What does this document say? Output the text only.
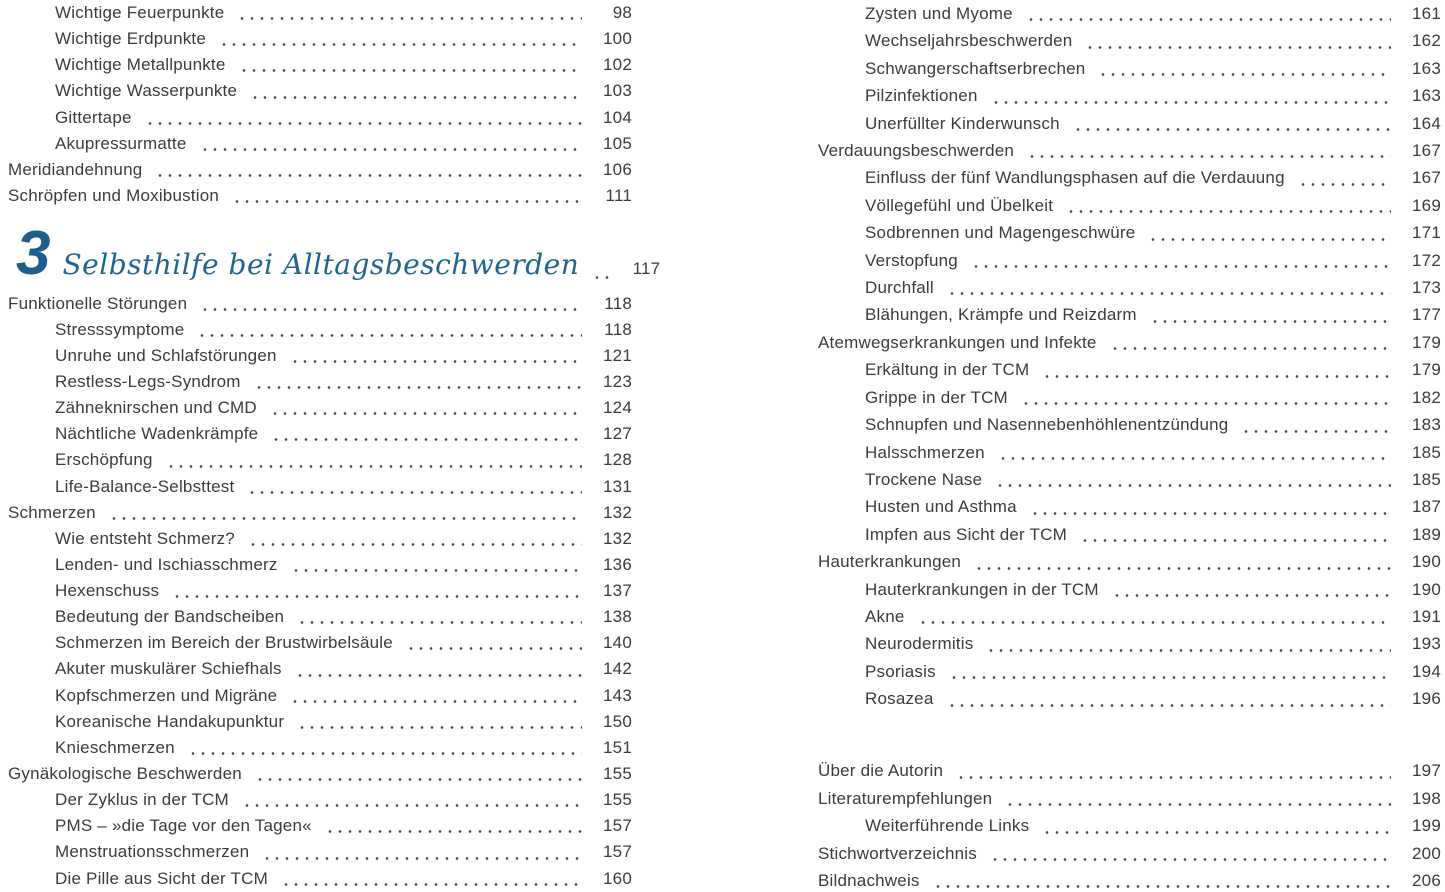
Wichtige Feuerpunkte	98
Wichtige Erdpunkte	100
Wichtige Metallpunkte	102
Wichtige Wasserpunkte	103
Gittertape	104
Akupressurmatte	105
Meridiandehnung	106
Schröpfen und Moxibustion	111
3 Selbsthilfe bei Alltagsbeschwerden	117
Funktionelle Störungen	118
Stresssymptome	118
Unruhe und Schlafstörungen	121
Restless-Legs-Syndrom	123
Zähneknirschen und CMD	124
Nächtliche Wadenkrämpfe	127
Erschöpfung	128
Life-Balance-Selbsttest	131
Schmerzen	132
Wie entsteht Schmerz?	132
Lenden- und Ischiasschmerz	136
Hexenschuss	137
Bedeutung der Bandscheiben	138
Schmerzen im Bereich der Brustwirbelsäule	140
Akuter muskulärer Schiefhals	142
Kopfschmerzen und Migräne	143
Koreanische Handakupunktur	150
Knieschmerzen	151
Gynäkologische Beschwerden	155
Der Zyklus in der TCM	155
PMS – »die Tage vor den Tagen«	157
Menstruationsschmerzen	157
Die Pille aus Sicht der TCM	160
Zysten und Myome	161
Wechseljahrsbeschwerden	162
Schwangerschaftserbrechen	163
Pilzinfektionen	163
Unerfüllter Kinderwunsch	164
Verdauungsbeschwerden	167
Einfluss der fünf Wandlungsphasen auf die Verdauung	167
Völlegefühl und Übelkeit	169
Sodbrennen und Magengeschwüre	171
Verstopfung	172
Durchfall	173
Blähungen, Krämpfe und Reizdarm	177
Atemwegserkrankungen und Infekte	179
Erkältung in der TCM	179
Grippe in der TCM	182
Schnupfen und Nasennebenhöhlenentzündung	183
Halsschmerzen	185
Trockene Nase	185
Husten und Asthma	187
Impfen aus Sicht der TCM	189
Hauterkrankungen	190
Hauterkrankungen in der TCM	190
Akne	191
Neurodermitis	193
Psoriasis	194
Rosazea	196
Über die Autorin	197
Literaturempfehlungen	198
Weiterführende Links	199
Stichwortverzeichnis	200
Bildnachweis	206
